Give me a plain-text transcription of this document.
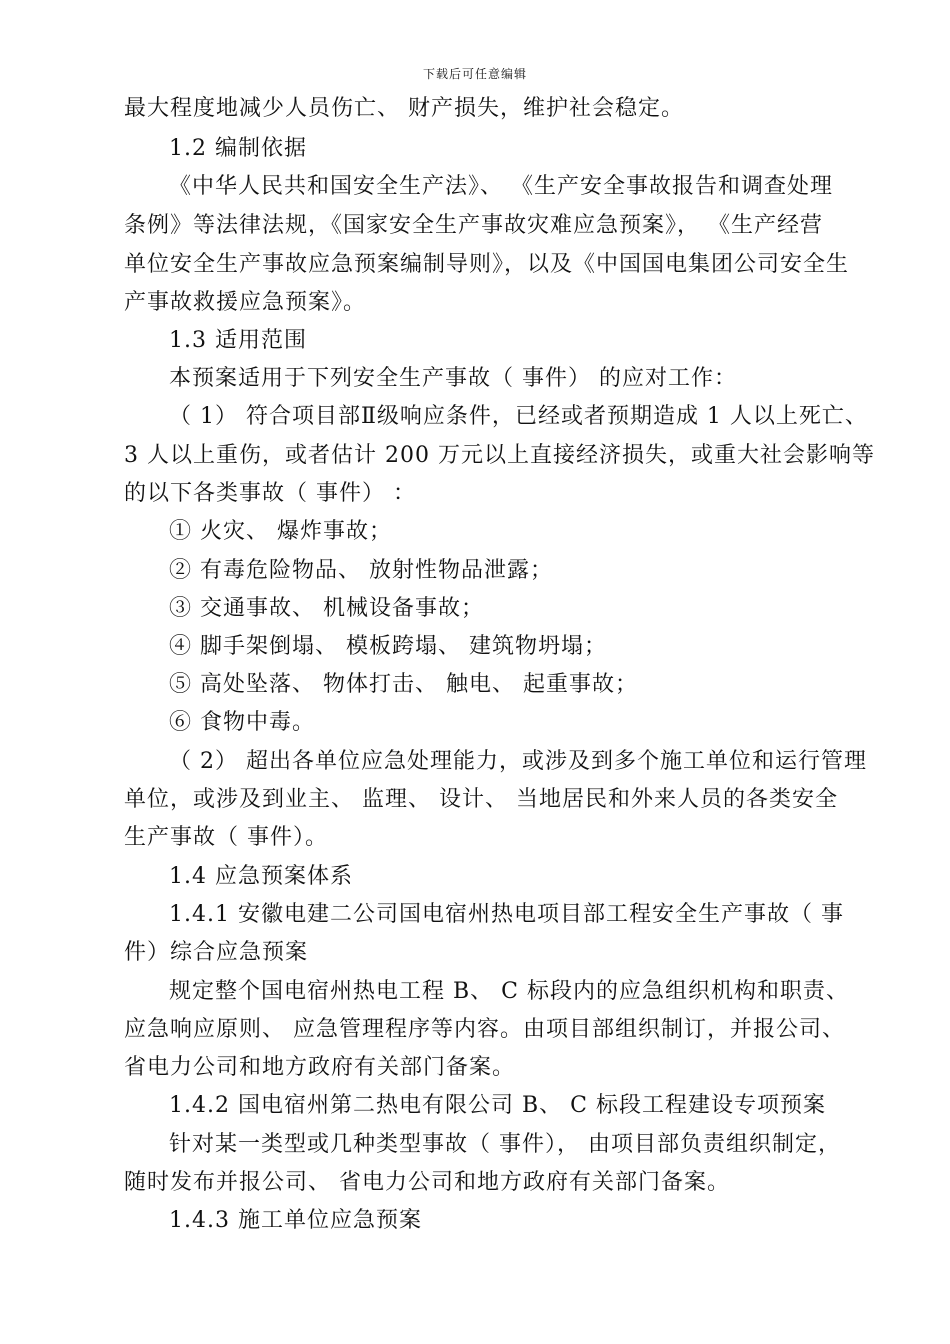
下载后可任意编辑
最大程度地减少人员伤亡、 财产损失，维护社会稳定。
1.2 编制依据
《中华人民共和国安全生产法》、 《生产安全事故报告和调查处理
条例》等法律法规，《国家安全生产事故灾难应急预案》， 《生产经营
单位安全生产事故应急预案编制导则》，以及《中国国电集团公司安全生
产事故救援应急预案》。
1.3 适用范围
本预案适用于下列安全生产事故（ 事件） 的应对工作：
（ 1） 符合项目部Ⅱ级响应条件，已经或者预期造成 1 人以上死亡、
3 人以上重伤，或者估计 200 万元以上直接经济损失，或重大社会影响等
的以下各类事故（ 事件） ：
① 火灾、 爆炸事故；
② 有毒危险物品、 放射性物品泄露；
③ 交通事故、 机械设备事故；
④ 脚手架倒塌、 模板跨塌、 建筑物坍塌；
⑤ 高处坠落、 物体打击、 触电、 起重事故；
⑥ 食物中毒。
（ 2） 超出各单位应急处理能力，或涉及到多个施工单位和运行管理
单位，或涉及到业主、 监理、 设计、 当地居民和外来人员的各类安全
生产事故（ 事件）。
1.4 应急预案体系
1.4.1 安徽电建二公司国电宿州热电项目部工程安全生产事故（ 事
件）综合应急预案
规定整个国电宿州热电工程 B、 C 标段内的应急组织机构和职责、
应急响应原则、 应急管理程序等内容。由项目部组织制订，并报公司、
省电力公司和地方政府有关部门备案。
1.4.2 国电宿州第二热电有限公司 B、 C 标段工程建设专项预案
针对某一类型或几种类型事故（ 事件）， 由项目部负责组织制定，
随时发布并报公司、 省电力公司和地方政府有关部门备案。
1.4.3 施工单位应急预案
